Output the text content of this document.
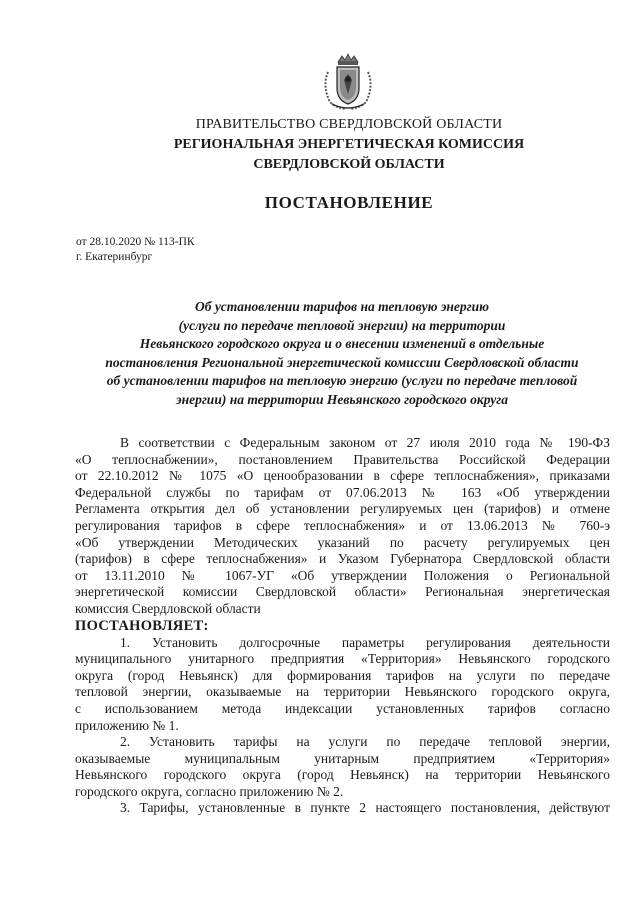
ПРАВИТЕЛЬСТВО СВЕРДЛОВСКОЙ ОБЛАСТИ
РЕГИОНАЛЬНАЯ ЭНЕРГЕТИЧЕСКАЯ КОМИССИЯ
СВЕРДЛОВСКОЙ ОБЛАСТИ
ПОСТАНОВЛЕНИЕ
от 28.10.2020 № 113-ПК
г. Екатеринбург
Об установлении тарифов на тепловую энергию
(услуги по передаче тепловой энергии) на территории
Невьянского городского округа и о внесении изменений в отдельные
постановления Региональной энергетической комиссии Свердловской области
об установлении тарифов на тепловую энергию (услуги по передаче тепловой
энергии) на территории Невьянского городского округа
В соответствии с Федеральным законом от 27 июля 2010 года № 190-ФЗ
«О теплоснабжении», постановлением Правительства Российской Федерации
от 22.10.2012 № 1075 «О ценообразовании в сфере теплоснабжения», приказами
Федеральной службы по тарифам от 07.06.2013 № 163 «Об утверждении
Регламента открытия дел об установлении регулируемых цен (тарифов) и отмене
регулирования тарифов в сфере теплоснабжения» и от 13.06.2013 № 760-э
«Об утверждении Методических указаний по расчету регулируемых цен
(тарифов) в сфере теплоснабжения» и Указом Губернатора Свердловской области
от 13.11.2010 № 1067-УГ «Об утверждении Положения о Региональной
энергетической комиссии Свердловской области» Региональная энергетическая
комиссия Свердловской области
ПОСТАНОВЛЯЕТ:
1. Установить долгосрочные параметры регулирования деятельности
муниципального унитарного предприятия «Территория» Невьянского городского
округа (город Невьянск) для формирования тарифов на услуги по передаче
тепловой энергии, оказываемые на территории Невьянского городского округа,
с использованием метода индексации установленных тарифов согласно
приложению № 1.
2. Установить тарифы на услуги по передаче тепловой энергии,
оказываемые муниципальным унитарным предприятием «Территория»
Невьянского городского округа (город Невьянск) на территории Невьянского
городского округа, согласно приложению № 2.
3. Тарифы, установленные в пункте 2 настоящего постановления, действуют
